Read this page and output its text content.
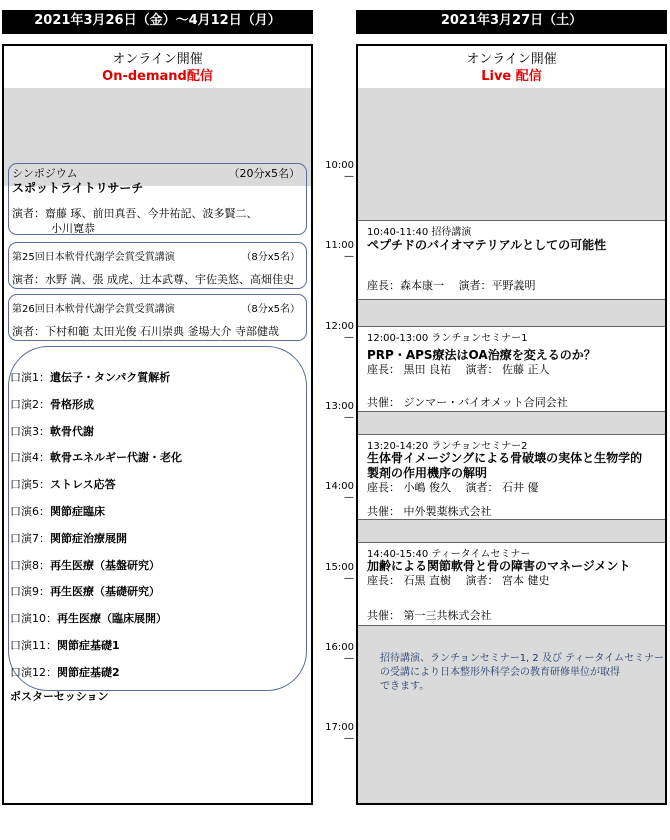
2021年3月26日（金）～4月12日（月）	2021年3月27日（土）
オンライン開催
On-demand配信
シンポジウム	（20分x5名）
スポットライトリサーチ
演者：齋藤 琢、前田真吾、今井祐記、波多賢二、
小川寛恭
第25回日本軟骨代謝学会賞受賞講演	（8分x5名）
演者：水野 満、張 成虎、辻本武尊、宇佐美悠、高畑佳史
第26回日本軟骨代謝学会賞受賞講演	（8分x5名）
演者：下村和範 太田光俊 石川崇典 釜場大介 寺部健哉
ポスターセッション
口演1：遺伝子・タンパク質解析
口演2：骨格形成
口演3：軟骨代謝
口演4：軟骨エネルギー代謝・老化
口演5：ストレス応答
口演6：関節症臨床
口演7：関節症治療展開
口演8：再生医療（基盤研究）
口演9：再生医療（基礎研究）
口演10：再生医療（臨床展開）
口演11：関節症基礎1
口演12：関節症基礎2
10:00—
11:00—
12:00—
13:00—
14:00—
15:00—
16:00—
17:00—
オンライン開催
Live 配信
10:40-11:40 招待講演
ペプチドのバイオマテリアルとしての可能性
座長：森本康一　 演者：平野義明
12:00-13:00 ランチョンセミナー1
PRP・APS療法はOA治療を変えるのか？
座長： 黒田 良祐　 演者： 佐藤 正人
共催： ジンマー・バイオメット合同会社
13:20-14:20 ランチョンセミナー2
生体骨イメージングによる骨破壊の実体と生物学的
製剤の作用機序の解明
座長： 小嶋 俊久　 演者： 石井 優
共催： 中外製薬株式会社
14:40-15:40 ティータイムセミナー
加齢による関節軟骨と骨の障害のマネージメント
座長： 石黒 直樹　 演者： 宮本 健史
共催： 第一三共株式会社
招待講演、ランチョンセミナー1, 2 及び ティータイムセミナー
の受講により日本整形外科学会の教育研修単位が取得
できます。
